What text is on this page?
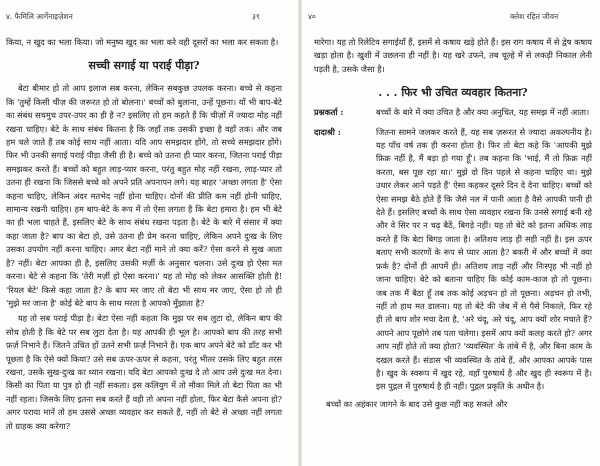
४. फैमिलि आर्गेनाइज़ेशन	३९

किया, न खुद का भला किया। जो मनुष्य खुद का भला करे वही दूसरों का भला कर सकता है।

सच्ची सगाई या पराई पीड़ा?

बेटा बीमार हो तो आप इलाज सब करना, लेकिन सबकुछ उपलक करना। बच्चे से कहना कि 'तुम्हें किसी चीज़ की जरूरत हो तो बोलना।' बच्चों को बुलाना, उन्हें पूछना। यों भी बाप-बेटे का संबंध सचमुच उपर-उपर का ही है न? इसलिए तो हम कहते हैं कि चीज़ों में ज्यादा मोह नहीं रखना चाहिए। बेटे के साथ संबंध कितना है कि जहाँ तक उसकी इच्छा है वहाँ तक। और जब हम चले जाते हैं तब कोई साथ नहीं आता। यदि आप समझदार होंगे, तो सच्चे समझदार होंगे। फिर भी उनकी सगाई पराई पीड़ा जैसी ही है। बच्चे को उतना ही प्यार करना, जितना पराई पीड़ा समझकर करते हैं। बच्चों को बहुत लाड़-प्यार करना, परंतु बहुत मोह नहीं रखना, लाड़-प्यार तो उतना ही रखना कि जिससे बच्चे को अपने प्रति अपनापन लगे। यह बाहर 'अच्छा लगता है' ऐसा कहना चाहिए, लेकिन अंदर मतभेद नहीं होना चाहिए। दोनों की प्रीति कम नहीं होनी चाहिए, सामान्य रखनी चाहिए। हम बाप-बेटे के रूप में तो ऐसा लगता है कि बेटा हमारा है। हम भी बेटे का ही भला चाहते हैं, इसलिए बेटे के साथ संबंध रखना पड़ता है। बेटे के बारे में संसार में क्या कहा जाता है? बाप का बेटा हो, उसे उतना ही प्रेम करना चाहिए, लेकिन अपने दुःख के लिए उसका उपयोग नहीं करना चाहिए। अगर बेटा नहीं माने तो क्या करें? ऐसा करने से सुख आता है? नहीं। बेटा आपका ही है, इसलिए उसकी मर्ज़ी के अनुसार चलना। उसे दुःख हो ऐसा मत करना। बेटे से कहना कि 'तेरी मर्ज़ी हो ऐसा करना।' यह तो मोह को लेकर आसक्ति होती है! 'रियल बेटे' किसे कहा जाता है? के बाप मर जाए तो बेटा भी साथ मर जाए, ऐसा हो तो ही 'मुझे मर जाना है' कोई बेटे बाप के साथ मरता है आपको मुँझाता है?

यह तो सब पराई पीड़ा है। बेटा ऐसा नहीं कहता कि मुझ पर सब लुटा दो, लेकिन बाप की सोच होती है कि बेटे पर सब लुटा देता है। यह आपकी ही भूल है। आपको बाप की तरह सभी फ़र्ज़ निभाने हैं। जितने उचित हों उतने सभी फ़र्ज़ निभाने हैं। एक बाप अपने बेटे को डाँट कर भी पूछता है कि ऐसे क्यों किया? उसे सब ऊपर-ऊपर से कहना, परंतु भीतर उसके लिए बहुत तरस रखना, उसके सुख-दुःख का ध्यान रखना। यदि बेटा आपको दुःख दे तो आप उसे दुःख मत देना। किसी का पिता या पुत्र हो ही नहीं सकता। इस कलियुग में तो मौका मिले तो बेटा पिता का भी नहीं रहता। जिसके लिए इतना सब करते हैं वही तो अपना नहीं होता, फिर बेटा कैसे अपना हो? अगर पराया मानें तो हम उससे अच्छा व्यवहार कर सकते हैं, नहीं तो बेटे से अच्छा नहीं लगता तो ग्राहक क्या करेगा?

४०	क्लेश रहित जीवन

मारेगा। यह तो रिलेटिव सगाईयाँ हैं, इसमें से कषाय खड़े होते हैं। इस राग कषाय में से द्वेष कषाय खड़ा होता है। खुशी में उछलना ही नहीं है। यह खरे उफने, तब चूल्हे में से लकड़ी निकाल लेनी पड़ती है, उसके जैसा है।

. . . फिर भी उचित व्यवहार कितना?
प्रश्नकर्ता :	बच्चों के बारे में क्या उचित है और क्या अनुचित, यह समझ में नहीं आता।
दादाश्री :	जितना सामने जलकर करते हैं, यह सब ज़रूरत से ज्यादा अकल्पनीय है। यह पाँच वर्ष तक ही करना होता है। फिर तो बेटा कहे कि 'आपकी मुझे फ़िक्र नहीं है, मैं बड़ा हो गया हूँ'। तब कहना कि 'भाई, मैं तो फ़िक्र नहीं करता, बस पूछ रहा था।' मुझे दो दिन पहले से कहना चाहिए था। मुझे उधार लेकर आने पड़ते हैं' ऐसा कहकर दूसरे दिन दे देना चाहिए। बच्चों को ऐसा समझ बैठे होते हैं कि जैसे नल में पानी आता है वैसे आपकी पानी ही देते हैं। इसलिए बच्चों के साथ ऐसा व्यवहार रखना कि उनसे सगाई बनी रहे और वे सिर पर न चढ़ बैठें, बिगड़े नहीं। यह तो बेटे को इतना अधिक लाड़ करते हैं कि बेटा बिगड़ जाता है। अतिशय लाड़ ही सही नहीं है। इस ऊपर बताए सभी कारणों के रूप से प्यार आता है? बकरी में और बच्चों में क्या फ़र्क है? दोनों ही आपमें ही। अतिशय लाड़ नहीं और निःस्पृह भी नहीं हो जाना चाहिए। बेटे को बताना चाहिए कि कोई काम-काज हो तो पूछना। जब तक मैं बैठा हूँ तब तक कोई अड़चन हो तो पूछना। अड़चन हो तभी, नहीं तो हाथ मत डालना। यह तो बेटे की जेब में से पैसे निकाले, फिर रहे ही तो बाप शोर मचा देता है, 'अरे चंदू, अरे चंदू, आप क्यों शोर मचाते हैं? आपने आप पूछोगे तब पता चलेगा। इसमें आप क्यों कलह करते हो? अगर आप नहीं होते तो क्या होता? 'व्यवस्थित' के तांबे में है, और बिना काम के दखल करते हैं। संडास भी व्यवस्थित के तांबे हैं, और आपका आपके पास है। खुद के स्वरूप में खुद रहे, वहाँ पुरुषार्थ है और खुद ही स्वरूप में है। इस पुद्गल में पुरुषार्थ है ही नहीं। पुद्गल प्रकृति के अधीन है।

बच्चों का अहंकार जागने के बाद उसे कुछ नहीं कह सकते और
